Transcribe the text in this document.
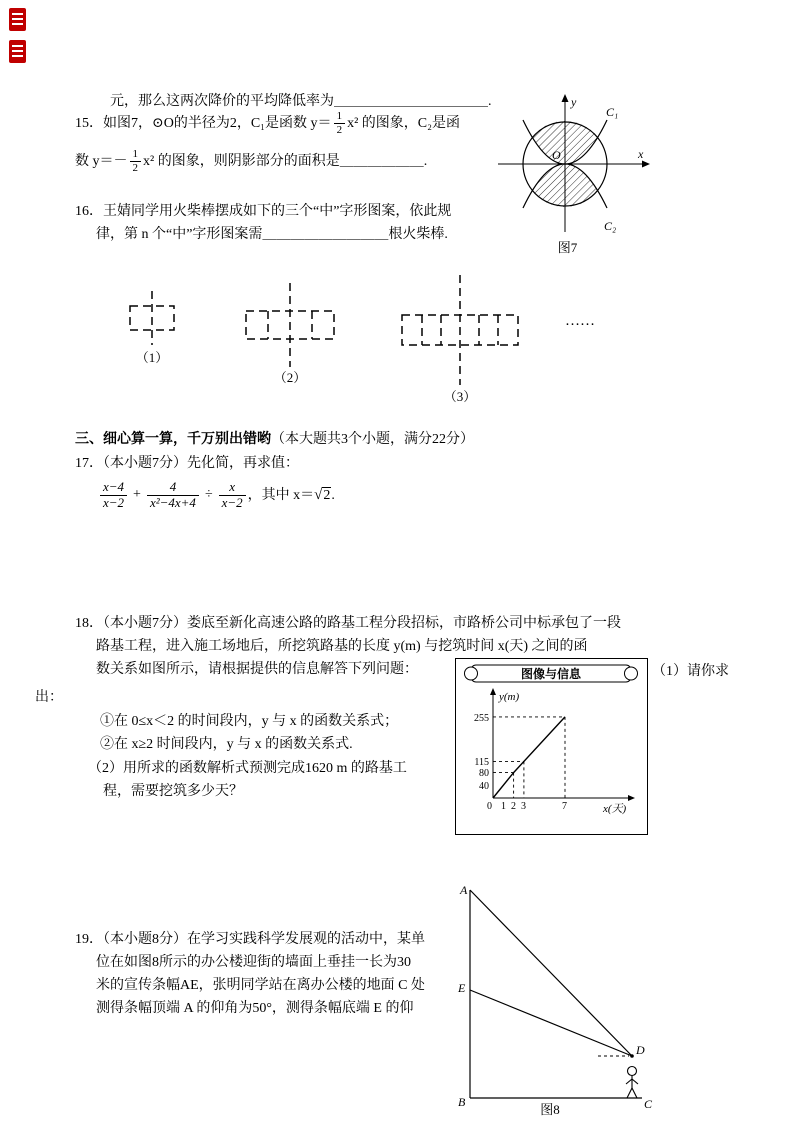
元，那么这两次降价的平均降低率为＿＿＿＿＿＿＿＿＿＿＿.
15．如图7，⊙O的半径为2，C₁是函数 $y= \frac{1}{2} x^2$ 的图象，C₂是函
数 $y=- \frac{1}{2} x^2$ 的图象，则阴影部分的面积是＿＿＿＿＿＿.
y
x
C₁
C₂
O
图7
16．王婧同学用火柴棒摆成如下的三个“中”字形图案，依此规
律，第 n 个“中”字形图案需＿＿＿＿＿＿＿＿＿根火柴棒.
（1）
（2）
（3）
……
三、细心算一算，千万别出错哟（本大题共3个小题，满分22分）
17．（本小题7分）先化简，再求值：
$\frac{x-4}{x-2} + \frac{4}{\text{x²−4x+4}} \div \frac{x}{x-2}$ ，其中 x＝ √2 .
18．（本小题7分）娄底至新化高速公路的路基工程分段招标，市路桥公司中标承包了一段
路基工程，进入施工场地后，所挖筑路基的长度 y(m) 与挖筑时间 x(天) 之间的函
数关系如图所示，请根据提供的信息解答下列问题：	（1）请你求
出：
①在 0≤x＜2 的时间段内，y 与 x 的函数关系式；
②在 x≥2 时间段内，y 与 x 的函数关系式.
（2）用所求的函数解析式预测完成1620 m 的路基工
程，需要挖筑多少天？
图像与信息
y(m)
x(天)
255
115
80
40
0 1 2 3	7
19．（本小题8分）在学习实践科学发展观的活动中，某单
位在如图8所示的办公楼迎街的墙面上垂挂一长为30
米的宣传条幅AE，张明同学站在离办公楼的地面 C 处
测得条幅顶端 A 的仰角为50°，测得条幅底端 E 的仰
A
B	C
D
E
图8
